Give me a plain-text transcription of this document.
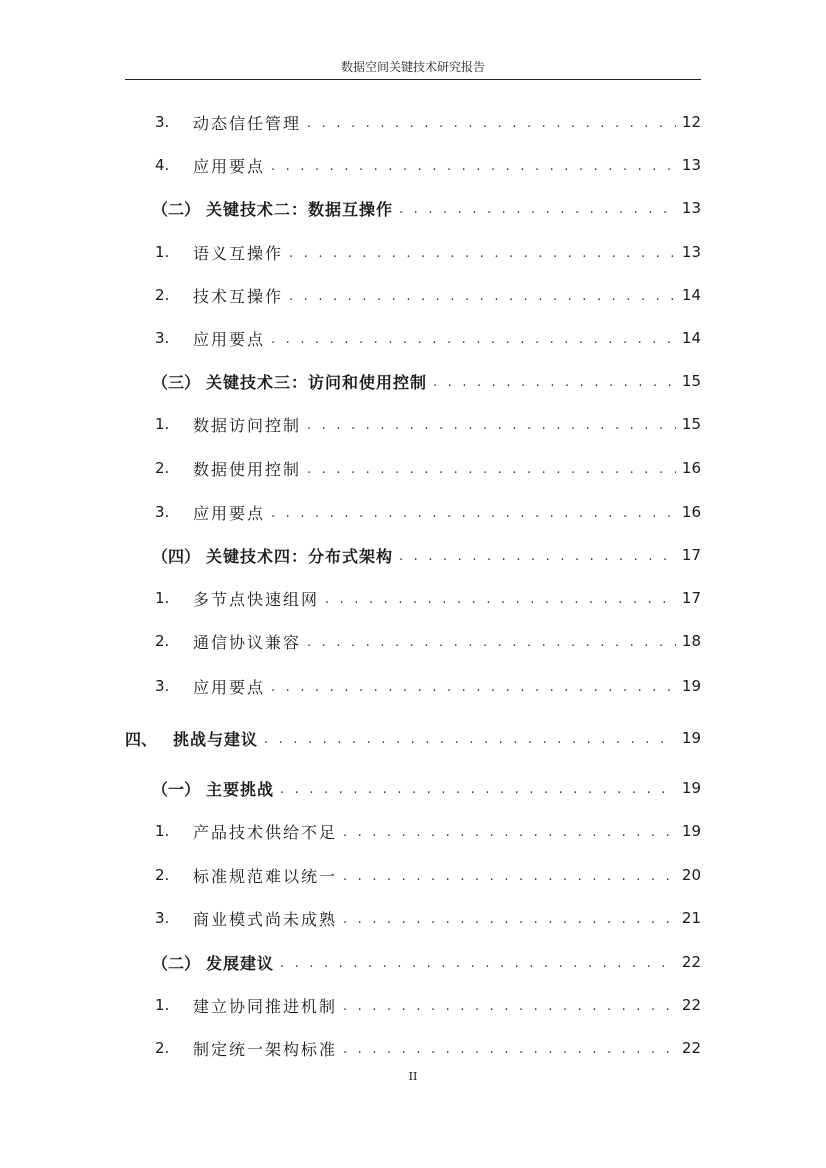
数据空间关键技术研究报告
3.	动态信任管理 . . .	12
4.	应用要点 . . .	13
（二） 关键技术二：数据互操作 . . .	13
1.	语义互操作 . . .	13
2.	技术互操作 . . .	14
3.	应用要点 . . .	14
（三） 关键技术三：访问和使用控制 . . .	15
1.	数据访问控制 . . .	15
2.	数据使用控制 . . .	16
3.	应用要点 . . .	16
（四） 关键技术四：分布式架构 . . .	17
1.	多节点快速组网 . . .	17
2.	通信协议兼容 . . .	18
3.	应用要点 . . .	19
四、 挑战与建议 . . .	19
（一） 主要挑战 . . .	19
1.	产品技术供给不足 . . .	19
2.	标准规范难以统一 . . .	20
3.	商业模式尚未成熟 . . .	21
（二） 发展建议 . . .	22
1.	建立协同推进机制 . . .	22
2.	制定统一架构标准 . . .	22
II
